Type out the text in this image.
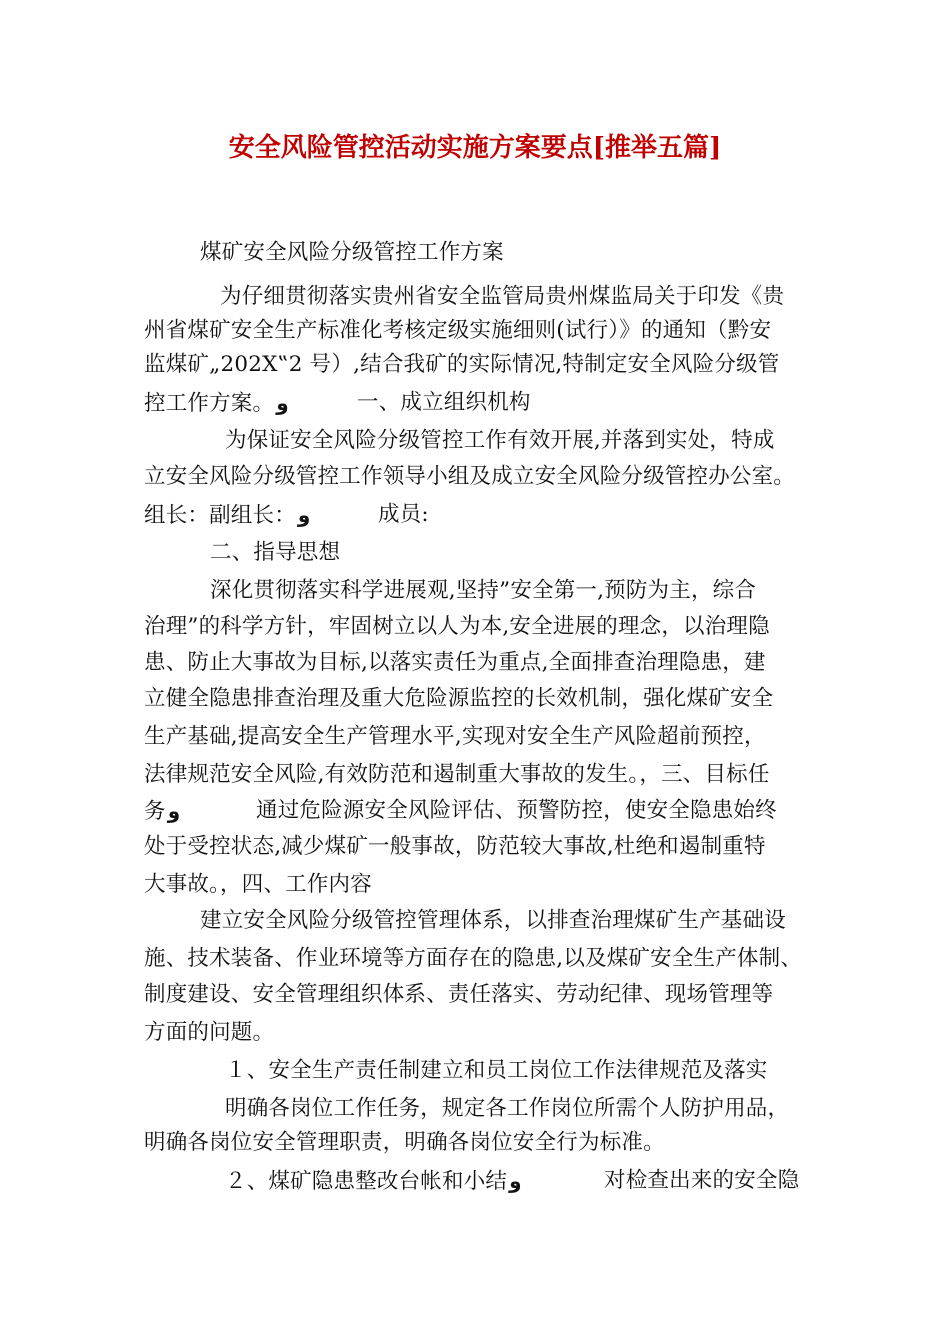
安全风险管控活动实施方案要点[推举五篇]
煤矿安全风险分级管控工作方案
为仔细贯彻落实贵州省安全监管局贵州煤监局关于印发《贵
州省煤矿安全生产标准化考核定级实施细则(试行）》的通知（黔安
监煤矿„202X‟2 号）,结合我矿的实际情况,特制定安全风险分级管
控工作方案。 و	一、成立组织机构
为保证安全风险分级管控工作有效开展,并落到实处，特成
立安全风险分级管控工作领导小组及成立安全风险分级管控办公室。
组长：副组长： و	成员:
二、指导思想
深化贯彻落实科学进展观,坚持”安全第一,预防为主，综合
治理”的科学方针，牢固树立以人为本,安全进展的理念，以治理隐
患、防止大事故为目标,以落实责任为重点,全面排查治理隐患，建
立健全隐患排查治理及重大危险源监控的长效机制，强化煤矿安全
生产基础,提高安全生产管理水平,实现对安全生产风险超前预控，
法律规范安全风险,有效防范和遏制重大事故的发生。，三、目标任
务 و	通过危险源安全风险评估、预警防控，使安全隐患始终
处于受控状态,减少煤矿一般事故，防范较大事故,杜绝和遏制重特
大事故。，四、工作内容
建立安全风险分级管控管理体系，以排查治理煤矿生产基础设
施、技术装备、作业环境等方面存在的隐患,以及煤矿安全生产体制、
制度建设、安全管理组织体系、责任落实、劳动纪律、现场管理等
方面的问题。
１、安全生产责任制建立和员工岗位工作法律规范及落实
明确各岗位工作任务，规定各工作岗位所需个人防护用品，
明确各岗位安全管理职责，明确各岗位安全行为标准。
２、煤矿隐患整改台帐和小结 و	对检查出来的安全隐
